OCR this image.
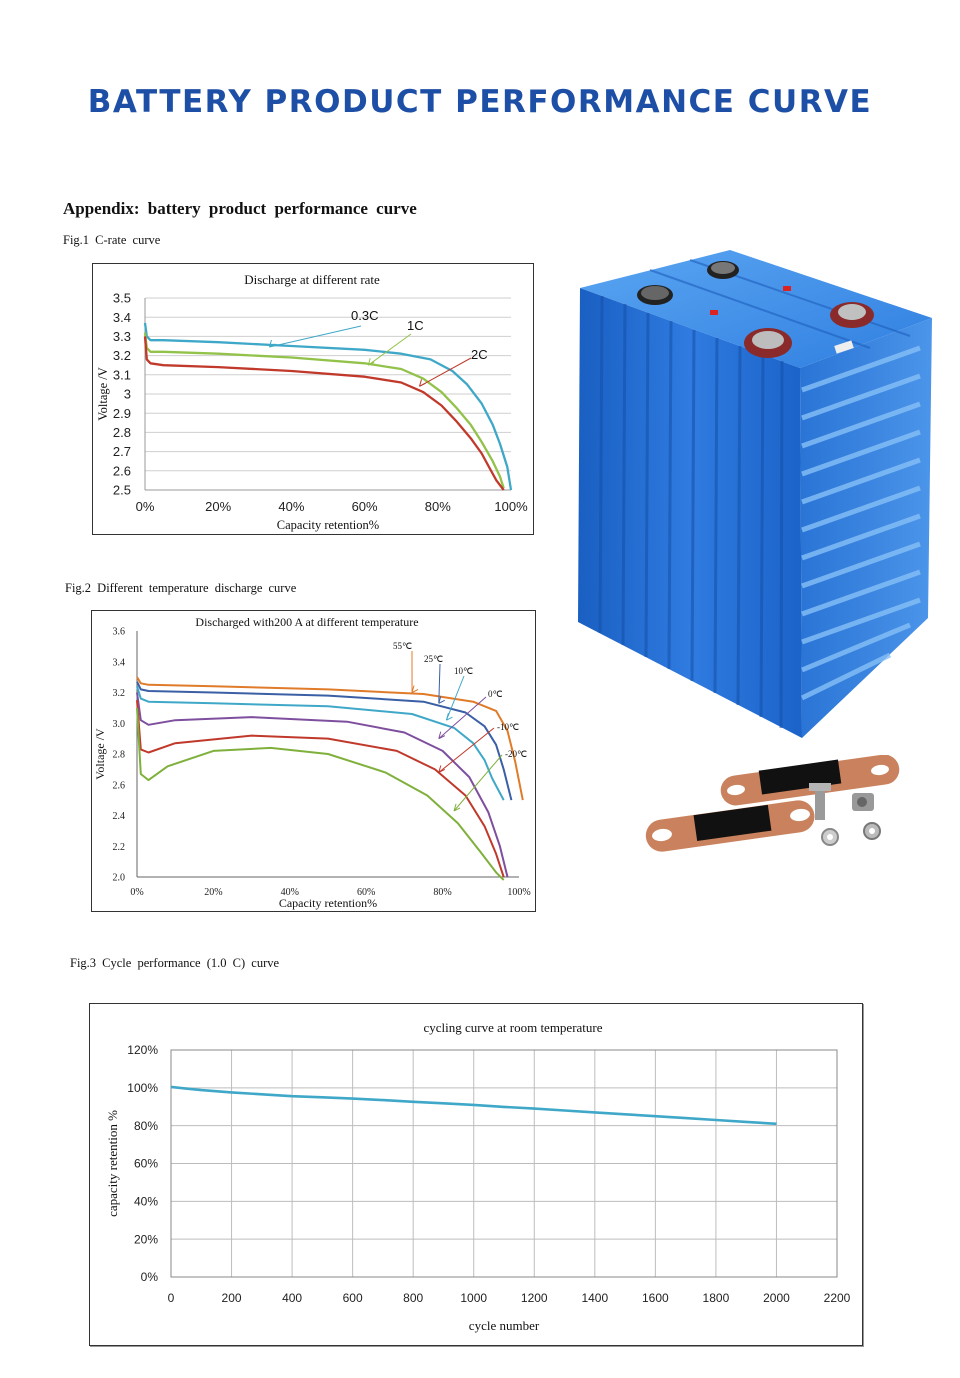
BATTERY PRODUCT PERFORMANCE CURVE
Appendix: battery product performance curve
Fig.1 C-rate curve
Fig.2 Different temperature discharge curve
Fig.3 Cycle performance (1.0 C) curve
3.5
3.4
3.3
3.2
3.1
3
2.9
2.8
2.7
2.6
2.5
0%	20%	40%	60%	80%	100%
Discharge at different rate
Capacity retention%
Voltage /V
0.3C
1C
2C
3.6
3.4
3.2
3.0
2.8
2.6
2.4
2.2
2.0
0%	20%	40%	60%	80%	100%
Discharged with200 A at different temperature
Capacity retention%
Voltage /V
55℃
25℃
10℃
0℃
-10℃
-20℃
120%
100%
80%
60%
40%
20%
0%
0	200	400	600	800	1000	1200	1400	1600	1800	2000	2200
cycling curve at room temperature
cycle number
capacity retention %
